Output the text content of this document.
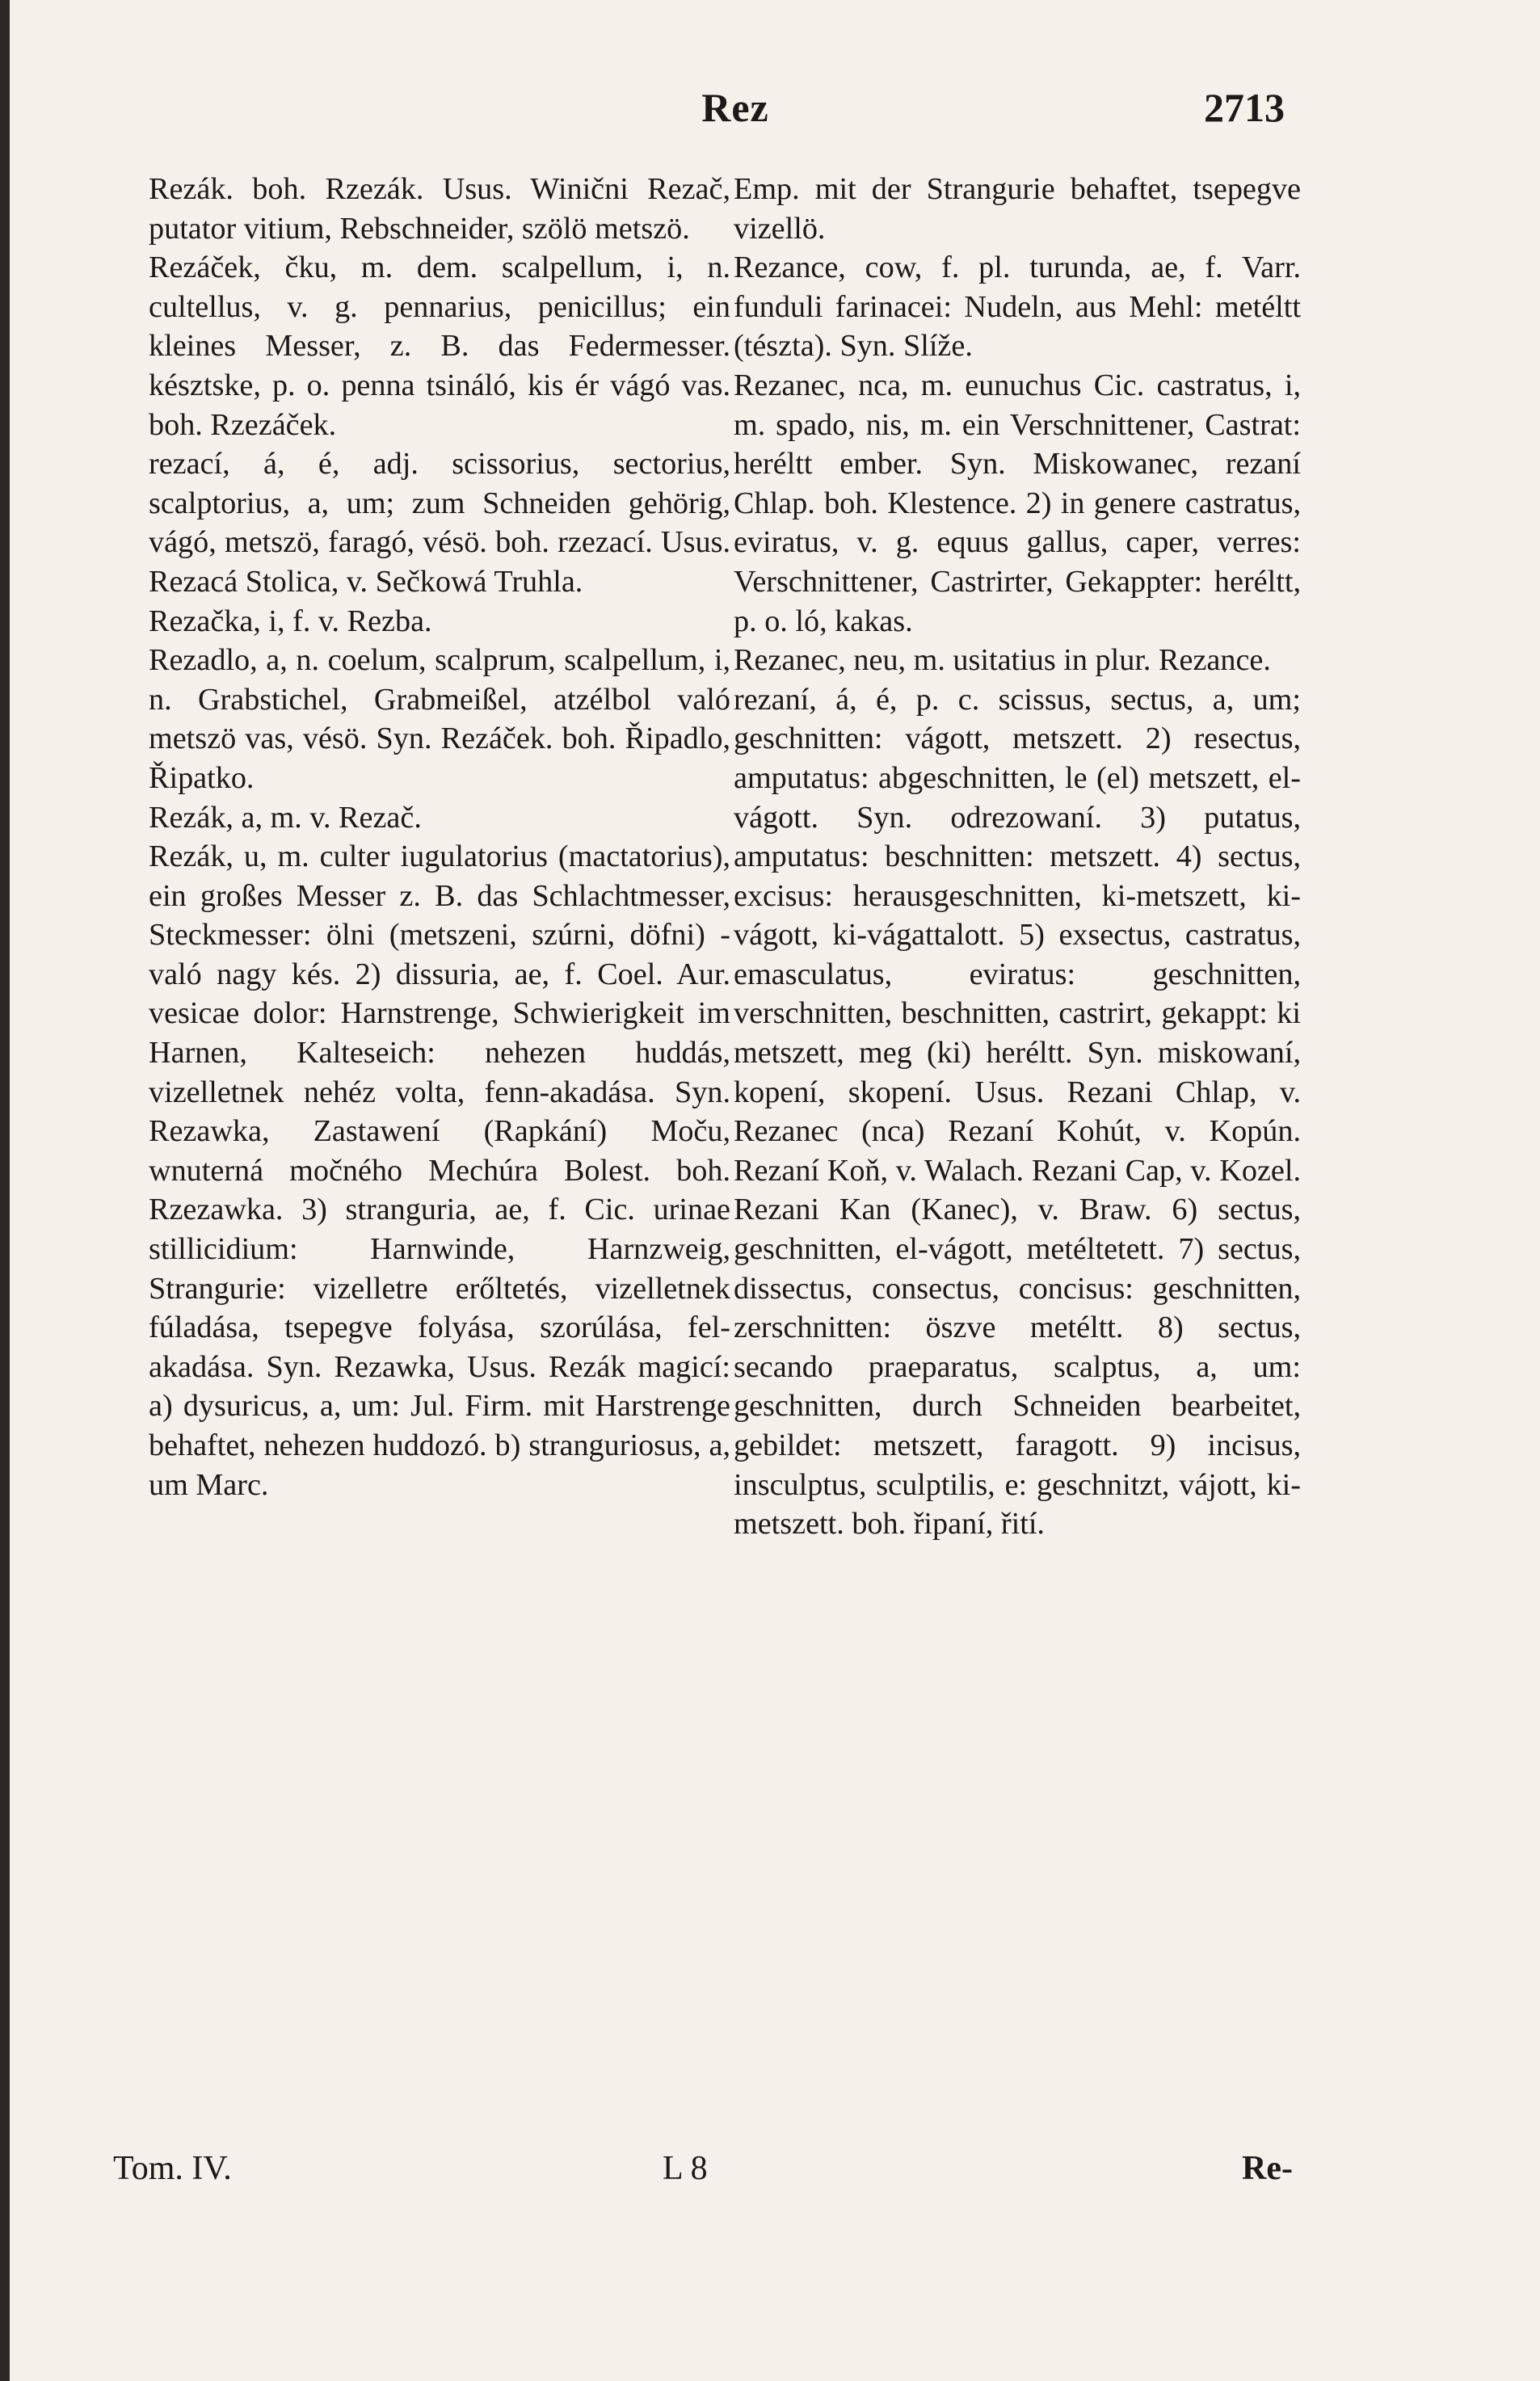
Rez	2713

Rezák. boh. Rzezák. Usus. Winični Rezač, putator vitium, Rebschneider, szölö metszö.

Rezáček, čku, m. dem. scalpellum, i, n. cultellus, v. g. pennarius, penicillus; ein kleines Messer, z. B. das Federmesser. késztske, p. o. penna tsináló, kis ér vágó vas. boh. Rzezáček.

rezací, á, é, adj. scissorius, sectorius, scalptorius, a, um; zum Schneiden gehörig, vágó, metszö, faragó, vésö. boh. rzezací. Usus. Rezacá Stolica, v. Sečkowá Truhla.

Rezačka, i, f. v. Rezba.

Rezadlo, a, n. coelum, scalprum, scalpellum, i, n. Grabstichel, Grabmeißel, atzélbol való metszö vas, vésö. Syn. Rezáček. boh. Řipadlo, Řipatko.

Rezák, a, m. v. Rezač.

Rezák, u, m. culter iugulatorius (mactatorius), ein großes Messer z. B. das Schlachtmesser, Steckmesser: ölni (metszeni, szúrni, döfni) - való nagy kés. 2) dissuria, ae, f. Coel. Aur. vesicae dolor: Harnstrenge, Schwierigkeit im Harnen, Kalteseich: nehezen huddás, vizelletnek nehéz volta, fenn-akadása. Syn. Rezawka, Zastawení (Rapkání) Moču, wnuterná močného Mechúra Bolest. boh. Rzezawka. 3) stranguria, ae, f. Cic. urinae stillicidium: Harnwinde, Harnzweig, Strangurie: vizelletre erőltetés, vizelletnek fúladása, tsepegve folyása, szorúlása, fel-akadása. Syn. Rezawka, Usus. Rezák magicí: a) dysuricus, a, um: Jul. Firm. mit Harstrenge behaftet, nehezen huddozó. b) stranguriosus, a, um Marc.

Emp. mit der Strangurie behaftet, tsepegve vizellö.

Rezance, cow, f. pl. turunda, ae, f. Varr. funduli farinacei: Nudeln, aus Mehl: metéltt (tészta). Syn. Slíže.

Rezanec, nca, m. eunuchus Cic. castratus, i, m. spado, nis, m. ein Verschnittener, Castrat: heréltt ember. Syn. Miskowanec, rezaní Chlap. boh. Klestence. 2) in genere castratus, eviratus, v. g. equus gallus, caper, verres: Verschnittener, Castrirter, Gekappter: heréltt, p. o. ló, kakas.

Rezanec, neu, m. usitatius in plur. Rezance.

rezaní, á, é, p. c. scissus, sectus, a, um; geschnitten: vágott, metszett. 2) resectus, amputatus: abgeschnitten, le (el) metszett, el-vágott. Syn. odrezowaní. 3) putatus, amputatus: beschnitten: metszett. 4) sectus, excisus: herausgeschnitten, ki-metszett, ki-vágott, ki-vágattalott. 5) exsectus, castratus, emasculatus, eviratus: geschnitten, verschnitten, beschnitten, castrirt, gekappt: ki metszett, meg (ki) heréltt. Syn. miskowaní, kopení, skopení. Usus. Rezani Chlap, v. Rezanec (nca) Rezaní Kohút, v. Kopún. Rezaní Koň, v. Walach. Rezani Cap, v. Kozel. Rezani Kan (Kanec), v. Braw. 6) sectus, geschnitten, el-vágott, metéltetett. 7) sectus, dissectus, consectus, concisus: geschnitten, zerschnitten: öszve metéltt. 8) sectus, secando praeparatus, scalptus, a, um: geschnitten, durch Schneiden bearbeitet, gebildet: metszett, faragott. 9) incisus, insculptus, sculptilis, e: geschnitzt, vájott, ki-metszett. boh. řipaní, řití.

Tom. IV.	L 8	Re-
